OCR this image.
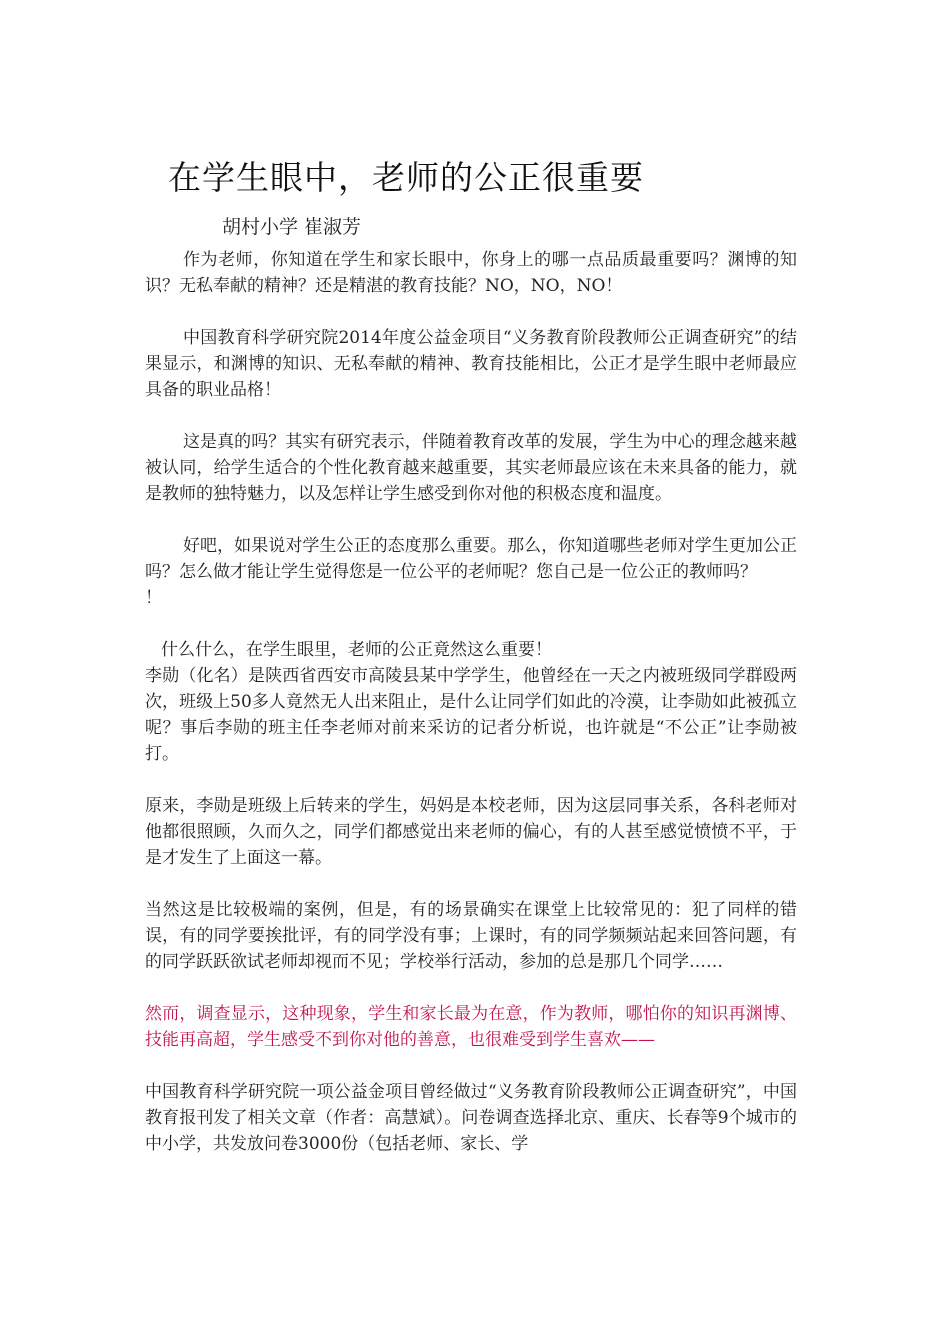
在学生眼中，老师的公正很重要
胡村小学 崔淑芳

作为老师，你知道在学生和家长眼中，你身上的哪一点品质最重要吗？渊博的知识？无私奉献的精神？还是精湛的教育技能？NO，NO，NO！

中国教育科学研究院2014年度公益金项目“义务教育阶段教师公正调查研究”的结果显示，和渊博的知识、无私奉献的精神、教育技能相比，公正才是学生眼中老师最应具备的职业品格！

这是真的吗？其实有研究表示，伴随着教育改革的发展，学生为中心的理念越来越被认同，给学生适合的个性化教育越来越重要，其实老师最应该在未来具备的能力，就是教师的独特魅力，以及怎样让学生感受到你对他的积极态度和温度。

好吧，如果说对学生公正的态度那么重要。那么，你知道哪些老师对学生更加公正吗？怎么做才能让学生觉得您是一位公平的老师呢？您自己是一位公正的教师吗？

！

什么什么，在学生眼里，老师的公正竟然这么重要！

李勋（化名）是陕西省西安市高陵县某中学学生，他曾经在一天之内被班级同学群殴两次，班级上50多人竟然无人出来阻止，是什么让同学们如此的冷漠，让李勋如此被孤立呢？事后李勋的班主任李老师对前来采访的记者分析说，也许就是“不公正”让李勋被打。

原来，李勋是班级上后转来的学生，妈妈是本校老师，因为这层同事关系，各科老师对他都很照顾，久而久之，同学们都感觉出来老师的偏心，有的人甚至感觉愤愤不平，于是才发生了上面这一幕。

当然这是比较极端的案例，但是，有的场景确实在课堂上比较常见的：犯了同样的错误，有的同学要挨批评，有的同学没有事；上课时，有的同学频频站起来回答问题，有的同学跃跃欲试老师却视而不见；学校举行活动，参加的总是那几个同学……

然而，调查显示，这种现象，学生和家长最为在意，作为教师，哪怕你的知识再渊博、技能再高超，学生感受不到你对他的善意，也很难受到学生喜欢——

中国教育科学研究院一项公益金项目曾经做过“义务教育阶段教师公正调查研究”，中国教育报刊发了相关文章（作者：高慧斌）。问卷调查选择北京、重庆、长春等9个城市的中小学，共发放问卷3000份（包括老师、家长、学
